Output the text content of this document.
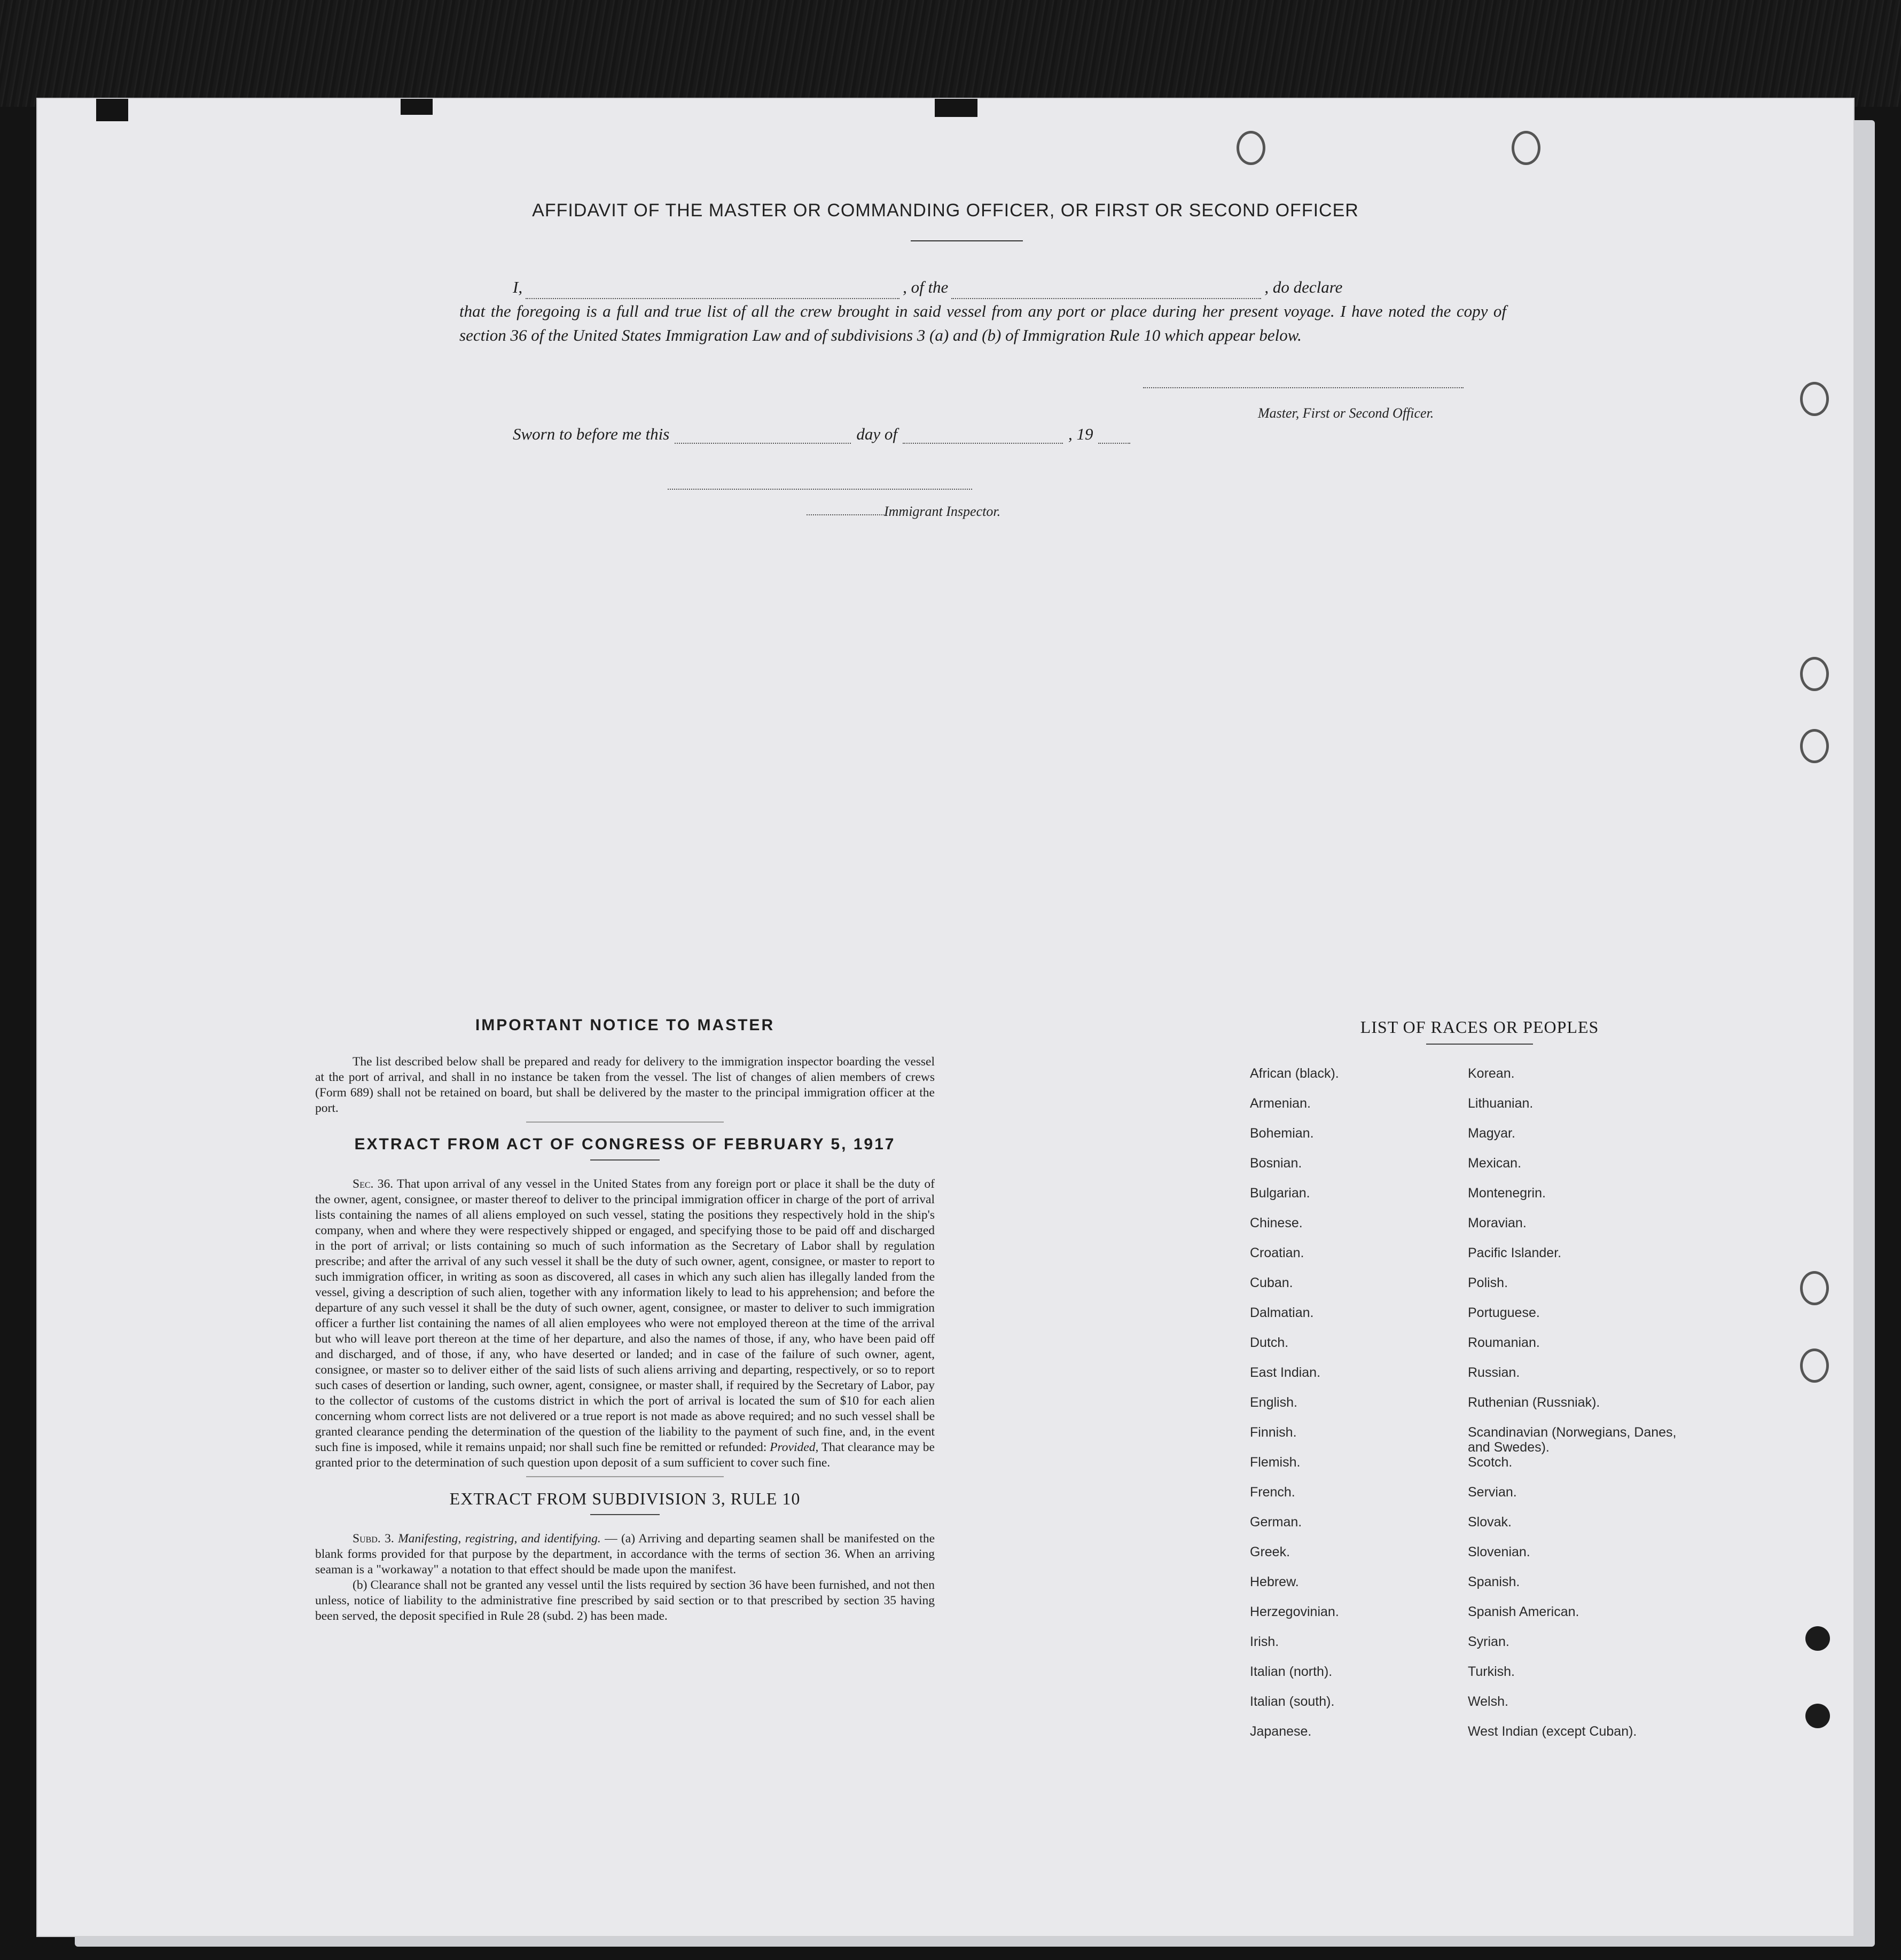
AFFIDAVIT OF THE MASTER OR COMMANDING OFFICER, OR FIRST OR SECOND OFFICER
I,	, of the	, do declare

that the foregoing is a full and true list of all the crew brought in said vessel from any port or place during her present voyage. I have noted the copy of section 36 of the United States Immigration Law and of subdivisions 3 (a) and (b) of Immigration Rule 10 which appear below.

Master, First or Second Officer.
Sworn to before me this	day of	, 19
Immigrant Inspector.

IMPORTANT NOTICE TO MASTER

The list described below shall be prepared and ready for delivery to the immigration inspector boarding the vessel at the port of arrival, and shall in no instance be taken from the vessel. The list of changes of alien members of crews (Form 689) shall not be retained on board, but shall be delivered by the master to the principal immigration officer at the port.

EXTRACT FROM ACT OF CONGRESS OF FEBRUARY 5, 1917

Sec. 36. That upon arrival of any vessel in the United States from any foreign port or place it shall be the duty of the owner, agent, consignee, or master thereof to deliver to the principal immigration officer in charge of the port of arrival lists containing the names of all aliens employed on such vessel, stating the positions they respectively hold in the ship's company, when and where they were respectively shipped or engaged, and specifying those to be paid off and discharged in the port of arrival; or lists containing so much of such information as the Secretary of Labor shall by regulation prescribe; and after the arrival of any such vessel it shall be the duty of such owner, agent, consignee, or master to report to such immigration officer, in writing as soon as discovered, all cases in which any such alien has illegally landed from the vessel, giving a description of such alien, together with any information likely to lead to his apprehension; and before the departure of any such vessel it shall be the duty of such owner, agent, consignee, or master to deliver to such immigration officer a further list containing the names of all alien employees who were not employed thereon at the time of the arrival but who will leave port thereon at the time of her departure, and also the names of those, if any, who have been paid off and discharged, and of those, if any, who have deserted or landed; and in case of the failure of such owner, agent, consignee, or master so to deliver either of the said lists of such aliens arriving and departing, respectively, or so to report such cases of desertion or landing, such owner, agent, consignee, or master shall, if required by the Secretary of Labor, pay to the collector of customs of the customs district in which the port of arrival is located the sum of $10 for each alien concerning whom correct lists are not delivered or a true report is not made as above required; and no such vessel shall be granted clearance pending the determination of the question of the liability to the payment of such fine, and, in the event such fine is imposed, while it remains unpaid; nor shall such fine be remitted or refunded: Provided, That clearance may be granted prior to the determination of such question upon deposit of a sum sufficient to cover such fine.

EXTRACT FROM SUBDIVISION 3, RULE 10

Subd. 3. Manifesting, registring, and identifying. — (a) Arriving and departing seamen shall be manifested on the blank forms provided for that purpose by the department, in accordance with the terms of section 36. When an arriving seaman is a "workaway" a notation to that effect should be made upon the manifest.

(b) Clearance shall not be granted any vessel until the lists required by section 36 have been furnished, and not then unless, notice of liability to the administrative fine prescribed by said section or to that prescribed by section 35 having been served, the deposit specified in Rule 28 (subd. 2) has been made.

LIST OF RACES OR PEOPLES

African (black).	Korean.
Armenian.	Lithuanian.
Bohemian.	Magyar.
Bosnian.	Mexican.
Bulgarian.	Montenegrin.
Chinese.	Moravian.
Croatian.	Pacific Islander.
Cuban.	Polish.
Dalmatian.	Portuguese.
Dutch.	Roumanian.
East Indian.	Russian.
English.	Ruthenian (Russniak).
Finnish.	Scandinavian (Norwegians, Danes, and Swedes).
Flemish.	Scotch.
French.	Servian.
German.	Slovak.
Greek.	Slovenian.
Hebrew.	Spanish.
Herzegovinian.	Spanish American.
Irish.	Syrian.
Italian (north).	Turkish.
Italian (south).	Welsh.
Japanese.	West Indian (except Cuban).
